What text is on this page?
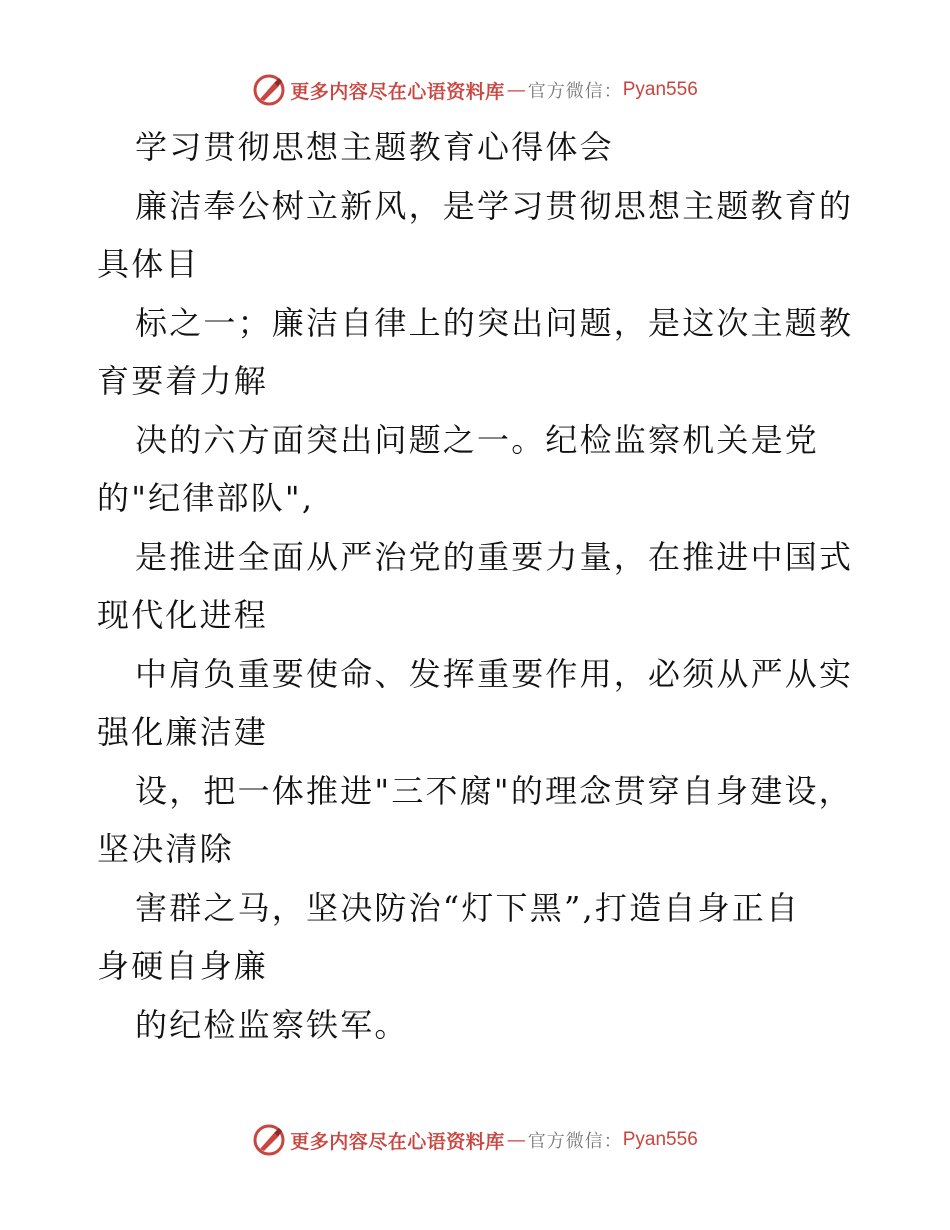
更多内容尽在心语资料库 — 官方微信： Pyan556
学习贯彻思想主题教育心得体会
廉洁奉公树立新风，是学习贯彻思想主题教育的
具体目
标之一；廉洁自律上的突出问题，是这次主题教
育要着力解
决的六方面突出问题之一。纪检监察机关是党
的"纪律部队",
是推进全面从严治党的重要力量，在推进中国式
现代化进程
中肩负重要使命、发挥重要作用，必须从严从实
强化廉洁建
设，把一体推进"三不腐"的理念贯穿自身建设，
坚决清除
害群之马，坚决防治“灯下黑”,打造自身正自
身硬自身廉
的纪检监察铁军。
更多内容尽在心语资料库 — 官方微信： Pyan556
